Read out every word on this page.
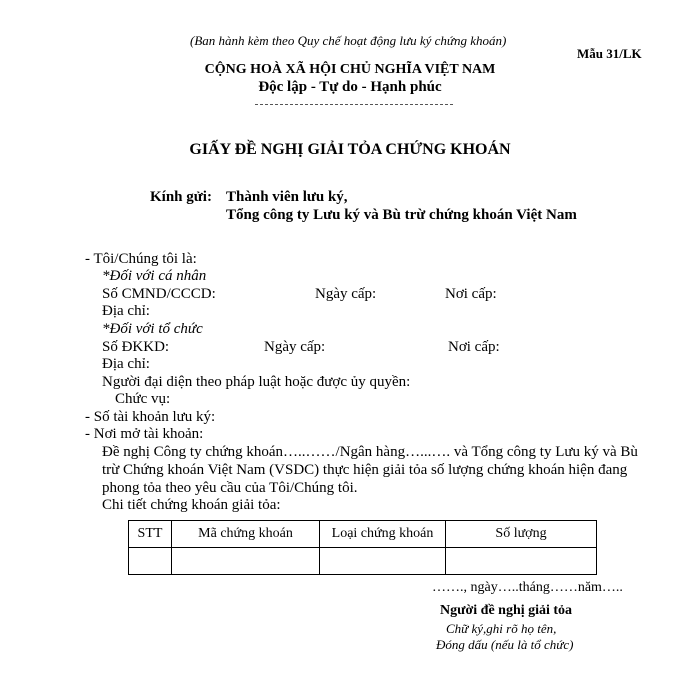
(Ban hành kèm theo Quy chế hoạt động lưu ký chứng khoán)
Mẫu 31/LK
CỘNG HOÀ XÃ HỘI CHỦ NGHĨA VIỆT NAM
Độc lập - Tự do - Hạnh phúc
GIẤY ĐỀ NGHỊ GIẢI TỎA CHỨNG KHOÁN
Kính gửi: Thành viên lưu ký,
Tổng công ty Lưu ký và Bù trừ chứng khoán Việt Nam
- Tôi/Chúng tôi là:
*Đối với cá nhân
Số CMND/CCCD:	Ngày cấp:	Nơi cấp:
Địa chỉ:
*Đối với tổ chức
Số ĐKKD:	Ngày cấp:	Nơi cấp:
Địa chỉ:
Người đại diện theo pháp luật hoặc được ủy quyền:
Chức vụ:
- Số tài khoản lưu ký:
- Nơi mở tài khoản:
Đề nghị Công ty chứng khoán…..……/Ngân hàng…...…. và Tổng công ty Lưu ký và Bù
trừ Chứng khoán Việt Nam (VSDC) thực hiện giải tỏa số lượng chứng khoán hiện đang
phong tỏa theo yêu cầu của Tôi/Chúng tôi.
Chi tiết chứng khoán giải tỏa:
STT	Mã chứng khoán	Loại chứng khoán	Số lượng

……., ngày…..tháng……năm…..
Người đề nghị giải tỏa
Chữ ký,ghi rõ họ tên,
Đóng dấu (nếu là tổ chức)
